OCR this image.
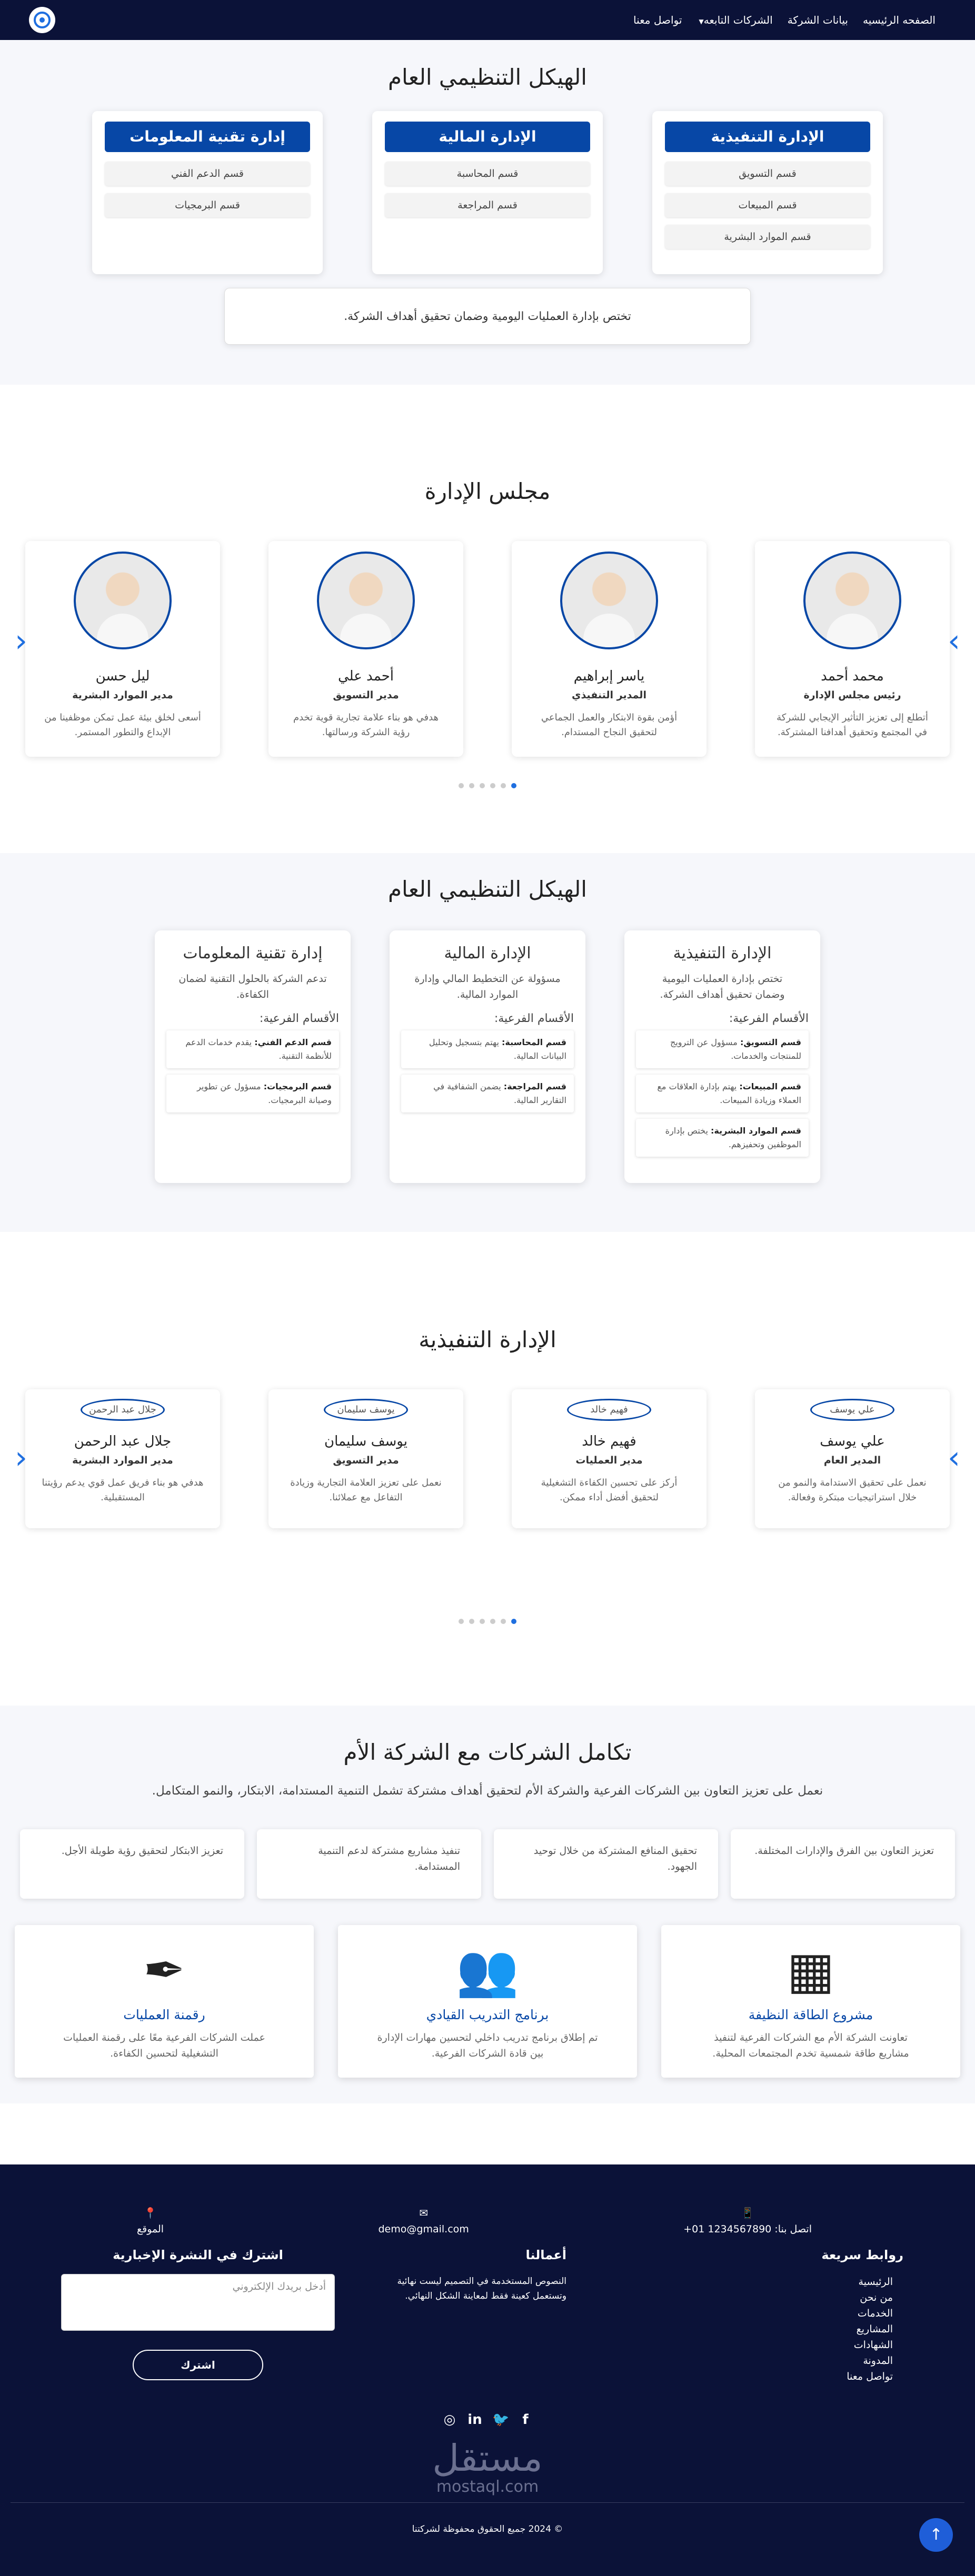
الصفحه الرئيسيه
بيانات الشركة
الشركات التابعه▼
تواصل معنا
الهيكل التنظيمي العام
الإدارة التنفيذية
قسم التسويق
قسم المبيعات
قسم الموارد البشرية
الإدارة المالية
قسم المحاسبة
قسم المراجعة
إدارة تقنية المعلومات
قسم الدعم الفني
قسم البرمجيات
تختص بإدارة العمليات اليومية وضمان تحقيق أهداف الشركة.
مجلس الإدارة
محمد أحمد
رئيس مجلس الإدارة
أتطلع إلى تعزيز التأثير الإيجابي للشركة في المجتمع وتحقيق أهدافنا المشتركة.
ياسر إبراهيم
المدير التنفيذي
أؤمن بقوة الابتكار والعمل الجماعي لتحقيق النجاح المستدام.
أحمد علي
مدير التسويق
هدفي هو بناء علامة تجارية قوية تخدم رؤية الشركة ورسالتها.
ليل حسن
مدير الموارد البشرية
أسعى لخلق بيئة عمل تمكن موظفينا من الإبداع والتطور المستمر.
‹	›
الهيكل التنظيمي العام
الإدارة التنفيذية
تختص بإدارة العمليات اليومية وضمان تحقيق أهداف الشركة.
الأقسام الفرعية:
قسم التسويق: مسؤول عن الترويج للمنتجات والخدمات.
قسم المبيعات: يهتم بإدارة العلاقات مع العملاء وزيادة المبيعات.
قسم الموارد البشرية: يختص بإدارة الموظفين وتحفيزهم.
الإدارة المالية
مسؤولة عن التخطيط المالي وإدارة الموارد المالية.
الأقسام الفرعية:
قسم المحاسبة: يهتم بتسجيل وتحليل البيانات المالية.
قسم المراجعة: يضمن الشفافية في التقارير المالية.
إدارة تقنية المعلومات
تدعم الشركة بالحلول التقنية لضمان الكفاءة.
الأقسام الفرعية:
قسم الدعم الفني: يقدم خدمات الدعم للأنظمة التقنية.
قسم البرمجيات: مسؤول عن تطوير وصيانة البرمجيات.
الإدارة التنفيذية
علي يوسف
علي يوسف
المدير العام
نعمل على تحقيق الاستدامة والنمو من خلال استراتيجيات مبتكرة وفعالة.
فهيم خالد
فهيم خالد
مدير العمليات
أركز على تحسين الكفاءة التشغيلية لتحقيق أفضل أداء ممكن.
يوسف سليمان
يوسف سليمان
مدير التسويق
نعمل على تعزيز العلامة التجارية وزيادة التفاعل مع عملائنا.
جلال عبد الرحمن
جلال عبد الرحمن
مدير الموارد البشرية
هدفي هو بناء فريق عمل قوي يدعم رؤيتنا المستقبلية.
‹	›
تكامل الشركات مع الشركة الأم

نعمل على تعزيز التعاون بين الشركات الفرعية والشركة الأم لتحقيق أهداف مشتركة تشمل التنمية المستدامة، الابتكار، والنمو المتكامل.

تعزيز التعاون بين الفرق والإدارات المختلفة.
تحقيق المنافع المشتركة من خلال توحيد الجهود.
تنفيذ مشاريع مشتركة لدعم التنمية المستدامة.
تعزيز الابتكار لتحقيق رؤية طويلة الأجل.
▦
مشروع الطاقة النظيفة
تعاونت الشركة الأم مع الشركات الفرعية لتنفيذ مشاريع طاقة شمسية تخدم المجتمعات المحلية.
👥
برنامج التدريب القيادي
تم إطلاق برنامج تدريب داخلي لتحسين مهارات الإدارة بين قادة الشركات الفرعية.
✒
رقمنة العمليات
عملت الشركات الفرعية معًا على رقمنة العمليات التشغيلية لتحسين الكفاءة.
📱
اتصل بنا: 1234567890 01+
✉
demo@gmail.com
📍
الموقع
روابط سريعة
الرئيسية
من نحن
الخدمات
المشاريع
الشهادات
المدونة
تواصل معنا
أعمالنا

النصوص المستخدمة في التصميم ليست نهائية وتستعمل كعينة فقط لمعاينة الشكل النهائي.

اشترك في النشرة الإخبارية
أدخل بريدك الإلكتروني
اشترك
◎ in 🐦 f
مستقل
mostaql.com
© 2024 جميع الحقوق محفوظة لشركتنا	↑
